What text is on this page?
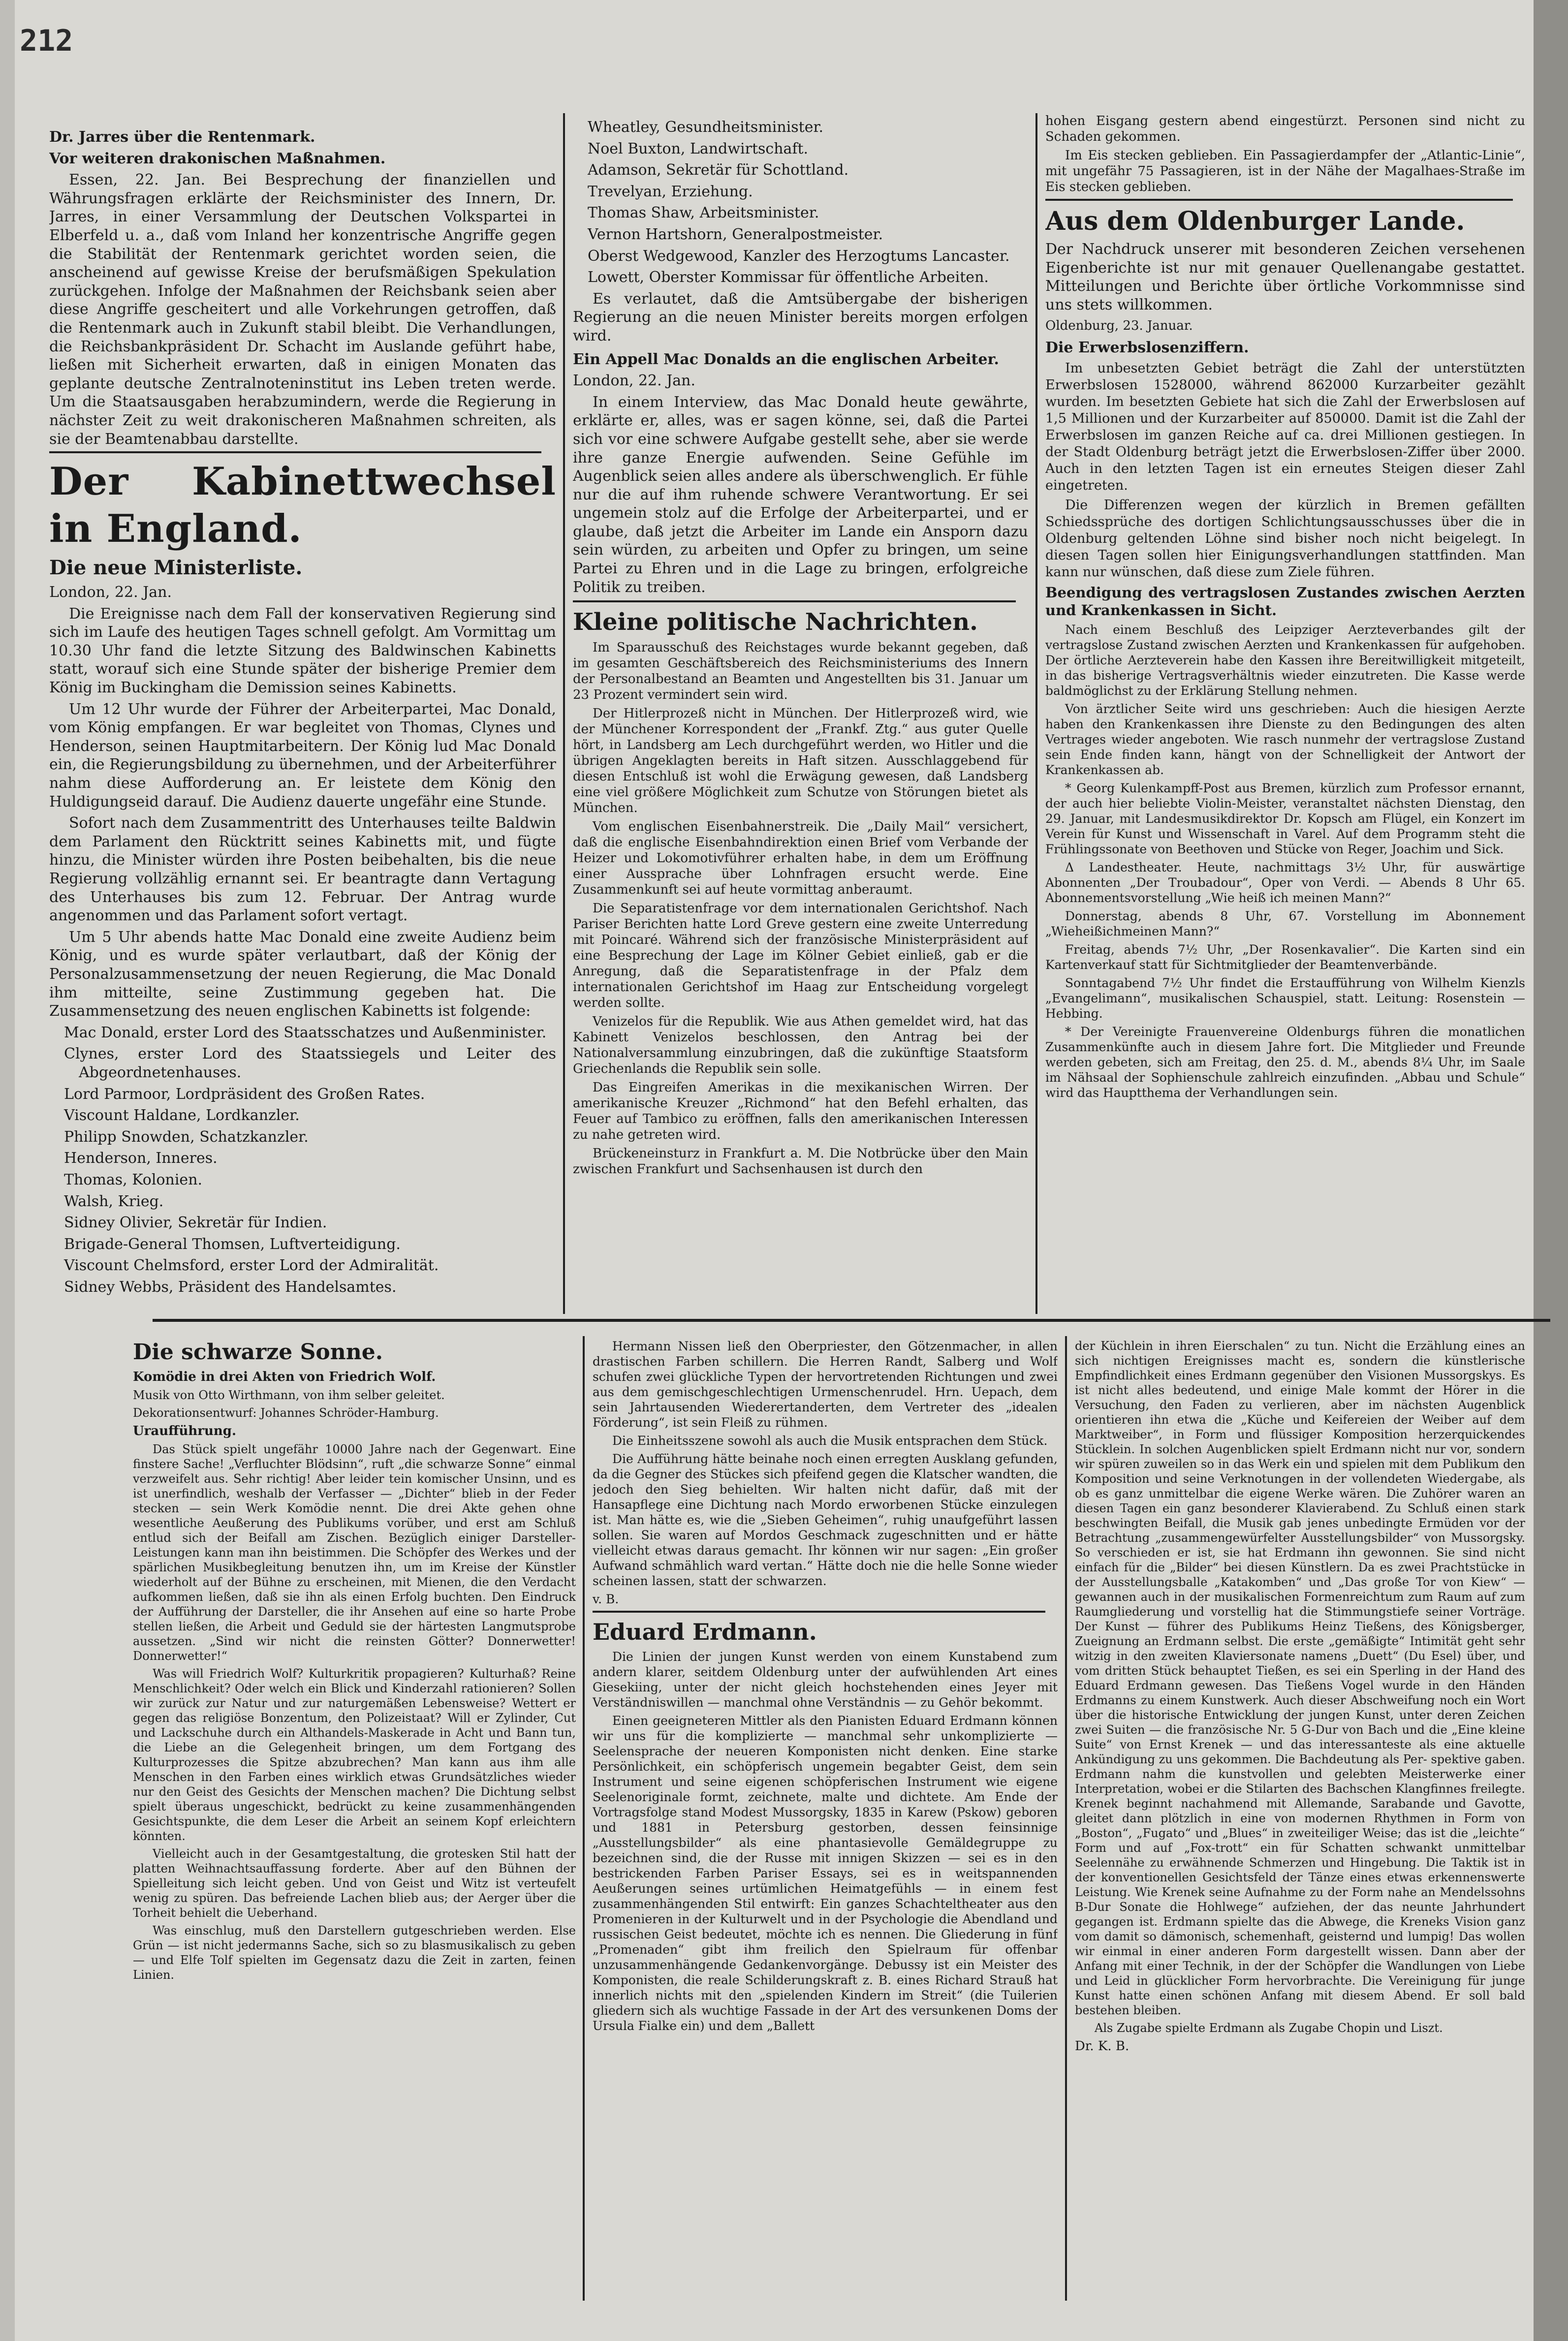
212

Dr. Jarres über die Rentenmark.

Vor weiteren drakonischen Maßnahmen.

Essen, 22. Jan. Bei Besprechung der finanziellen und Währungsfragen erklärte der Reichsminister des Innern, Dr. Jarres, in einer Versammlung der Deutschen Volkspartei in Elberfeld u. a., daß vom Inland her konzentrische Angriffe gegen die Stabilität der Rentenmark gerichtet worden seien, die anscheinend auf gewisse Kreise der berufsmäßigen Spekulation zurückgehen. Infolge der Maßnahmen der Reichsbank seien aber diese Angriffe gescheitert und alle Vorkehrungen getroffen, daß die Rentenmark auch in Zukunft stabil bleibt. Die Verhandlungen, die Reichsbankpräsident Dr. Schacht im Auslande geführt habe, ließen mit Sicherheit erwarten, daß in einigen Monaten das geplante deutsche Zentralnoteninstitut ins Leben treten werde. Um die Staatsausgaben herabzumindern, werde die Regierung in nächster Zeit zu weit drakonischeren Maßnahmen schreiten, als sie der Beamtenabbau darstellte.

Der Kabinettwechsel in England.

Die neue Ministerliste.

London, 22. Jan.

Die Ereignisse nach dem Fall der konservativen Regierung sind sich im Laufe des heutigen Tages schnell gefolgt. Am Vormittag um 10.30 Uhr fand die letzte Sitzung des Baldwinschen Kabinetts statt, worauf sich eine Stunde später der bisherige Premier dem König im Buckingham die Demission seines Kabinetts.

Um 12 Uhr wurde der Führer der Arbeiterpartei, Mac Donald, vom König empfangen. Er war begleitet von Thomas, Clynes und Henderson, seinen Hauptmitarbeitern. Der König lud Mac Donald ein, die Regierungsbildung zu übernehmen, und der Arbeiterführer nahm diese Aufforderung an. Er leistete dem König den Huldigungseid darauf. Die Audienz dauerte ungefähr eine Stunde.

Sofort nach dem Zusammentritt des Unterhauses teilte Baldwin dem Parlament den Rücktritt seines Kabinetts mit, und fügte hinzu, die Minister würden ihre Posten beibehalten, bis die neue Regierung vollzählig ernannt sei. Er beantragte dann Vertagung des Unterhauses bis zum 12. Februar. Der Antrag wurde angenommen und das Parlament sofort vertagt.

Um 5 Uhr abends hatte Mac Donald eine zweite Audienz beim König, und es wurde später verlautbart, daß der König der Personalzusammensetzung der neuen Regierung, die Mac Donald ihm mitteilte, seine Zustimmung gegeben hat. Die Zusammensetzung des neuen englischen Kabinetts ist folgende:

Mac Donald, erster Lord des Staatsschatzes und Außenminister.

Clynes, erster Lord des Staatssiegels und Leiter des Abgeordnetenhauses.

Lord Parmoor, Lordpräsident des Großen Rates.

Viscount Haldane, Lordkanzler.

Philipp Snowden, Schatzkanzler.

Henderson, Inneres.

Thomas, Kolonien.

Walsh, Krieg.

Sidney Olivier, Sekretär für Indien.

Brigade-General Thomsen, Luftverteidigung.

Viscount Chelmsford, erster Lord der Admiralität.

Sidney Webbs, Präsident des Handelsamtes.

Wheatley, Gesundheitsminister.

Noel Buxton, Landwirtschaft.

Adamson, Sekretär für Schottland.

Trevelyan, Erziehung.

Thomas Shaw, Arbeitsminister.

Vernon Hartshorn, Generalpostmeister.

Oberst Wedgewood, Kanzler des Herzogtums Lancaster.

Lowett, Oberster Kommissar für öffentliche Arbeiten.

Es verlautet, daß die Amtsübergabe der bisherigen Regierung an die neuen Minister bereits morgen erfolgen wird.

Ein Appell Mac Donalds an die englischen Arbeiter.

London, 22. Jan.

In einem Interview, das Mac Donald heute gewährte, erklärte er, alles, was er sagen könne, sei, daß die Partei sich vor eine schwere Aufgabe gestellt sehe, aber sie werde ihre ganze Energie aufwenden. Seine Gefühle im Augenblick seien alles andere als überschwenglich. Er fühle nur die auf ihm ruhende schwere Verantwortung. Er sei ungemein stolz auf die Erfolge der Arbeiterpartei, und er glaube, daß jetzt die Arbeiter im Lande ein Ansporn dazu sein würden, zu arbeiten und Opfer zu bringen, um seine Partei zu Ehren und in die Lage zu bringen, erfolgreiche Politik zu treiben.

Kleine politische Nachrichten.

Im Sparausschuß des Reichstages wurde bekannt gegeben, daß im gesamten Geschäftsbereich des Reichsministeriums des Innern der Personalbestand an Beamten und Angestellten bis 31. Januar um 23 Prozent vermindert sein wird.

Der Hitlerprozeß nicht in München. Der Hitlerprozeß wird, wie der Münchener Korrespondent der „Frankf. Ztg.“ aus guter Quelle hört, in Landsberg am Lech durchgeführt werden, wo Hitler und die übrigen Angeklagten bereits in Haft sitzen. Ausschlaggebend für diesen Entschluß ist wohl die Erwägung gewesen, daß Landsberg eine viel größere Möglichkeit zum Schutze von Störungen bietet als München.

Vom englischen Eisenbahnerstreik. Die „Daily Mail“ versichert, daß die englische Eisenbahndirektion einen Brief vom Verbande der Heizer und Lokomotivführer erhalten habe, in dem um Eröffnung einer Aussprache über Lohnfragen ersucht werde. Eine Zusammenkunft sei auf heute vormittag anberaumt.

Die Separatistenfrage vor dem internationalen Gerichtshof. Nach Pariser Berichten hatte Lord Greve gestern eine zweite Unterredung mit Poincaré. Während sich der französische Ministerpräsident auf eine Besprechung der Lage im Kölner Gebiet einließ, gab er die Anregung, daß die Separatistenfrage in der Pfalz dem internationalen Gerichtshof im Haag zur Entscheidung vorgelegt werden sollte.

Venizelos für die Republik. Wie aus Athen gemeldet wird, hat das Kabinett Venizelos beschlossen, den Antrag bei der Nationalversammlung einzubringen, daß die zukünftige Staatsform Griechenlands die Republik sein solle.

Das Eingreifen Amerikas in die mexikanischen Wirren. Der amerikanische Kreuzer „Richmond“ hat den Befehl erhalten, das Feuer auf Tambico zu eröffnen, falls den amerikanischen Interessen zu nahe getreten wird.

Brückeneinsturz in Frankfurt a. M. Die Notbrücke über den Main zwischen Frankfurt und Sachsenhausen ist durch den

hohen Eisgang gestern abend eingestürzt. Personen sind nicht zu Schaden gekommen.

Im Eis stecken geblieben. Ein Passagierdampfer der „Atlantic-Linie“, mit ungefähr 75 Passagieren, ist in der Nähe der Magalhaes-Straße im Eis stecken geblieben.

Aus dem Oldenburger Lande.

Der Nachdruck unserer mit besonderen Zeichen versehenen Eigenberichte ist nur mit genauer Quellenangabe gestattet. Mitteilungen und Berichte über örtliche Vorkommnisse sind uns stets willkommen.

Oldenburg, 23. Januar.

Die Erwerbslosenziffern.

Im unbesetzten Gebiet beträgt die Zahl der unterstützten Erwerbslosen 1528000, während 862000 Kurzarbeiter gezählt wurden. Im besetzten Gebiete hat sich die Zahl der Erwerbslosen auf 1,5 Millionen und der Kurzarbeiter auf 850000. Damit ist die Zahl der Erwerbslosen im ganzen Reiche auf ca. drei Millionen gestiegen. In der Stadt Oldenburg beträgt jetzt die Erwerbslosen-Ziffer über 2000. Auch in den letzten Tagen ist ein erneutes Steigen dieser Zahl eingetreten.

Die Differenzen wegen der kürzlich in Bremen gefällten Schiedssprüche des dortigen Schlichtungsausschusses über die in Oldenburg geltenden Löhne sind bisher noch nicht beigelegt. In diesen Tagen sollen hier Einigungsverhandlungen stattfinden. Man kann nur wünschen, daß diese zum Ziele führen.

Beendigung des vertragslosen Zustandes zwischen Aerzten und Krankenkassen in Sicht.

Nach einem Beschluß des Leipziger Aerzteverbandes gilt der vertragslose Zustand zwischen Aerzten und Krankenkassen für aufgehoben. Der örtliche Aerzteverein habe den Kassen ihre Bereitwilligkeit mitgeteilt, in das bisherige Vertragsverhältnis wieder einzutreten. Die Kasse werde baldmöglichst zu der Erklärung Stellung nehmen.

Von ärztlicher Seite wird uns geschrieben: Auch die hiesigen Aerzte haben den Krankenkassen ihre Dienste zu den Bedingungen des alten Vertrages wieder angeboten. Wie rasch nunmehr der vertragslose Zustand sein Ende finden kann, hängt von der Schnelligkeit der Antwort der Krankenkassen ab.

* Georg Kulenkampff-Post aus Bremen, kürzlich zum Professor ernannt, der auch hier beliebte Violin-Meister, veranstaltet nächsten Dienstag, den 29. Januar, mit Landesmusikdirektor Dr. Kopsch am Flügel, ein Konzert im Verein für Kunst und Wissenschaft in Varel. Auf dem Programm steht die Frühlingssonate von Beethoven und Stücke von Reger, Joachim und Sick.

Δ Landestheater. Heute, nachmittags 3½ Uhr, für auswärtige Abonnenten „Der Troubadour“, Oper von Verdi. — Abends 8 Uhr 65. Abonnementsvorstellung „Wie heiß ich meinen Mann?“

Donnerstag, abends 8 Uhr, 67. Vorstellung im Abonnement „Wieheißichmeinen Mann?“

Freitag, abends 7½ Uhr, „Der Rosenkavalier“. Die Karten sind ein Kartenverkauf statt für Sichtmitglieder der Beamtenverbände.

Sonntagabend 7½ Uhr findet die Erstaufführung von Wilhelm Kienzls „Evangelimann“, musikalischen Schauspiel, statt. Leitung: Rosenstein — Hebbing.

* Der Vereinigte Frauenvereine Oldenburgs führen die monatlichen Zusammenkünfte auch in diesem Jahre fort. Die Mitglieder und Freunde werden gebeten, sich am Freitag, den 25. d. M., abends 8¼ Uhr, im Saale im Nähsaal der Sophienschule zahlreich einzufinden. „Abbau und Schule“ wird das Hauptthema der Verhandlungen sein.

Die schwarze Sonne.

Komödie in drei Akten von Friedrich Wolf.

Musik von Otto Wirthmann, von ihm selber geleitet.

Dekorationsentwurf: Johannes Schröder-Hamburg.

Uraufführung.

Das Stück spielt ungefähr 10000 Jahre nach der Gegenwart. Eine finstere Sache! „Verfluchter Blödsinn“, ruft „die schwarze Sonne“ einmal verzweifelt aus. Sehr richtig! Aber leider tein komischer Unsinn, und es ist unerfindlich, weshalb der Verfasser — „Dichter“ blieb in der Feder stecken — sein Werk Komödie nennt. Die drei Akte gehen ohne wesentliche Aeußerung des Publikums vorüber, und erst am Schluß entlud sich der Beifall am Zischen. Bezüglich einiger Darsteller-Leistungen kann man ihn beistimmen. Die Schöpfer des Werkes und der spärlichen Musikbegleitung benutzen ihn, um im Kreise der Künstler wiederholt auf der Bühne zu erscheinen, mit Mienen, die den Verdacht aufkommen ließen, daß sie ihn als einen Erfolg buchten. Den Eindruck der Aufführung der Darsteller, die ihr Ansehen auf eine so harte Probe stellen ließen, die Arbeit und Geduld sie der härtesten Langmutsprobe aussetzen. „Sind wir nicht die reinsten Götter? Donnerwetter! Donnerwetter!“

Was will Friedrich Wolf? Kulturkritik propagieren? Kulturhaß? Reine Menschlichkeit? Oder welch ein Blick und Kinderzahl rationieren? Sollen wir zurück zur Natur und zur naturgemäßen Lebensweise? Wettert er gegen das religiöse Bonzentum, den Polizeistaat? Will er Zylinder, Cut und Lackschuhe durch ein Althandels-Maskerade in Acht und Bann tun, die Liebe an die Gelegenheit bringen, um dem Fortgang des Kulturprozesses die Spitze abzubrechen? Man kann aus ihm alle Menschen in den Farben eines wirklich etwas Grundsätzliches wieder nur den Geist des Gesichts der Menschen machen? Die Dichtung selbst spielt überaus ungeschickt, bedrückt zu keine zusammenhängenden Gesichtspunkte, die dem Leser die Arbeit an seinem Kopf erleichtern könnten.

Vielleicht auch in der Gesamtgestaltung, die grotesken Stil hatt der platten Weihnachtsauffassung forderte. Aber auf den Bühnen der Spielleitung sich leicht geben. Und von Geist und Witz ist verteufelt wenig zu spüren. Das befreiende Lachen blieb aus; der Aerger über die Torheit behielt die Ueberhand.

Was einschlug, muß den Darstellern gutgeschrieben werden. Else Grün — ist nicht jedermanns Sache, sich so zu blasmusikalisch zu geben — und Elfe Tolf spielten im Gegensatz dazu die Zeit in zarten, feinen Linien.

Hermann Nissen ließ den Oberpriester, den Götzenmacher, in allen drastischen Farben schillern. Die Herren Randt, Salberg und Wolf schufen zwei glückliche Typen der hervortretenden Richtungen und zwei aus dem gemischgeschlechtigen Urmenschenrudel. Hrn. Uepach, dem sein Jahrtausenden Wiederertanderten, dem Vertreter des „idealen Förderung“, ist sein Fleiß zu rühmen.

Die Einheitsszene sowohl als auch die Musik entsprachen dem Stück.

Die Aufführung hätte beinahe noch einen erregten Ausklang gefunden, da die Gegner des Stückes sich pfeifend gegen die Klatscher wandten, die jedoch den Sieg behielten. Wir halten nicht dafür, daß mit der Hansapflege eine Dichtung nach Mordo erworbenen Stücke einzulegen ist. Man hätte es, wie die „Sieben Geheimen“, ruhig unaufgeführt lassen sollen. Sie waren auf Mordos Geschmack zugeschnitten und er hätte vielleicht etwas daraus gemacht. Ihr können wir nur sagen: „Ein großer Aufwand schmählich ward vertan.“ Hätte doch nie die helle Sonne wieder scheinen lassen, statt der schwarzen.

v. B.

Eduard Erdmann.

Die Linien der jungen Kunst werden von einem Kunstabend zum andern klarer, seitdem Oldenburg unter der aufwühlenden Art eines Giesekiing, unter der nicht gleich hochstehenden eines Jeyer mit Verständniswillen — manchmal ohne Verständnis — zu Gehör bekommt.

Einen geeigneteren Mittler als den Pianisten Eduard Erdmann können wir uns für die komplizierte — manchmal sehr unkomplizierte — Seelensprache der neueren Komponisten nicht denken. Eine starke Persönlichkeit, ein schöpferisch ungemein begabter Geist, dem sein Instrument und seine eigenen schöpferischen Instrument wie eigene Seelenoriginale formt, zeichnete, malte und dichtete. Am Ende der Vortragsfolge stand Modest Mussorgsky, 1835 in Karew (Pskow) geboren und 1881 in Petersburg gestorben, dessen feinsinnige „Ausstellungsbilder“ als eine phantasievolle Gemäldegruppe zu bezeichnen sind, die der Russe mit innigen Skizzen — sei es in den bestrickenden Farben Pariser Essays, sei es in weitspannenden Aeußerungen seines urtümlichen Heimatgefühls — in einem fest zusammenhängenden Stil entwirft: Ein ganzes Schachteltheater aus den Promenieren in der Kulturwelt und in der Psychologie die Abendland und russischen Geist bedeutet, möchte ich es nennen. Die Gliederung in fünf „Promenaden“ gibt ihm freilich den Spielraum für offenbar unzusammenhängende Gedankenvorgänge. Debussy ist ein Meister des Komponisten, die reale Schilderungskraft z. B. eines Richard Strauß hat innerlich nichts mit den „spielenden Kindern im Streit“ (die Tuilerien gliedern sich als wuchtige Fassade in der Art des versunkenen Doms der Ursula Fialke ein) und dem „Ballett

der Küchlein in ihren Eierschalen“ zu tun. Nicht die Erzählung eines an sich nichtigen Ereignisses macht es, sondern die künstlerische Empfindlichkeit eines Erdmann gegenüber den Visionen Mussorgskys. Es ist nicht alles bedeutend, und einige Male kommt der Hörer in die Versuchung, den Faden zu verlieren, aber im nächsten Augenblick orientieren ihn etwa die „Küche und Keifereien der Weiber auf dem Marktweiber“, in Form und flüssiger Komposition herzerquickendes Stücklein. In solchen Augenblicken spielt Erdmann nicht nur vor, sondern wir spüren zuweilen so in das Werk ein und spielen mit dem Publikum den Komposition und seine Verknotungen in der vollendeten Wiedergabe, als ob es ganz unmittelbar die eigene Werke wären. Die Zuhörer waren an diesen Tagen ein ganz besonderer Klavierabend. Zu Schluß einen stark beschwingten Beifall, die Musik gab jenes unbedingte Ermüden vor der Betrachtung „zusammengewürfelter Ausstellungsbilder“ von Mussorgsky. So verschieden er ist, sie hat Erdmann ihn gewonnen. Sie sind nicht einfach für die „Bilder“ bei diesen Künstlern. Da es zwei Prachtstücke in der Ausstellungsballe „Katakomben“ und „Das große Tor von Kiew“ — gewannen auch in der musikalischen Formenreichtum zum Raum auf zum Raumgliederung und vorstellig hat die Stimmungstiefe seiner Vorträge. Der Kunst — führer des Publikums Heinz Tießens, des Königsberger, Zueignung an Erdmann selbst. Die erste „gemäßigte“ Intimität geht sehr witzig in den zweiten Klaviersonate namens „Duett“ (Du Esel) über, und vom dritten Stück behauptet Tießen, es sei ein Sperling in der Hand des Eduard Erdmann gewesen. Das Tießens Vogel wurde in den Händen Erdmanns zu einem Kunstwerk. Auch dieser Abschweifung noch ein Wort über die historische Entwicklung der jungen Kunst, unter deren Zeichen zwei Suiten — die französische Nr. 5 G-Dur von Bach und die „Eine kleine Suite“ von Ernst Krenek — und das interessanteste als eine aktuelle Ankündigung zu uns gekommen. Die Bachdeutung als Per- spektive gaben. Erdmann nahm die kunstvollen und gelebten Meisterwerke einer Interpretation, wobei er die Stilarten des Bachschen Klangfinnes freilegte. Krenek beginnt nachahmend mit Allemande, Sarabande und Gavotte, gleitet dann plötzlich in eine von modernen Rhythmen in Form von „Boston“, „Fugato“ und „Blues“ in zweiteiliger Weise; das ist die „leichte“ Form und auf „Fox-trott“ ein für Schatten schwankt unmittelbar Seelennähe zu erwähnende Schmerzen und Hingebung. Die Taktik ist in der konventionellen Gesichtsfeld der Tänze eines etwas erkennenswerte Leistung. Wie Krenek seine Aufnahme zu der Form nahe an Mendelssohns B-Dur Sonate die Hohlwege“ aufziehen, der das neunte Jahrhundert gegangen ist. Erdmann spielte das die Abwege, die Kreneks Vision ganz vom damit so dämonisch, schemenhaft, geisternd und lumpig! Das wollen wir einmal in einer anderen Form dargestellt wissen. Dann aber der Anfang mit einer Technik, in der der Schöpfer die Wandlungen von Liebe und Leid in glücklicher Form hervorbrachte. Die Vereinigung für junge Kunst hatte einen schönen Anfang mit diesem Abend. Er soll bald bestehen bleiben.

Als Zugabe spielte Erdmann als Zugabe Chopin und Liszt.

Dr. K. B.
